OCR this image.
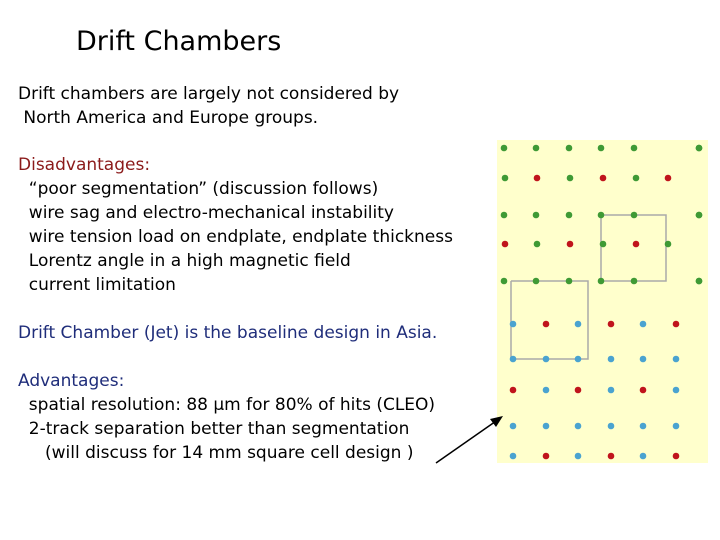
Drift Chambers
Drift chambers are largely not considered by
North America and Europe groups.
Disadvantages:
“poor segmentation” (discussion follows)
wire sag and electro-mechanical instability
wire tension load on endplate, endplate thickness
Lorentz angle in a high magnetic field
current limitation
Drift Chamber (Jet) is the baseline design in Asia.
Advantages:
spatial resolution: 88 µm for 80% of hits (CLEO)
2-track separation better than segmentation
(will discuss for 14 mm square cell design )
